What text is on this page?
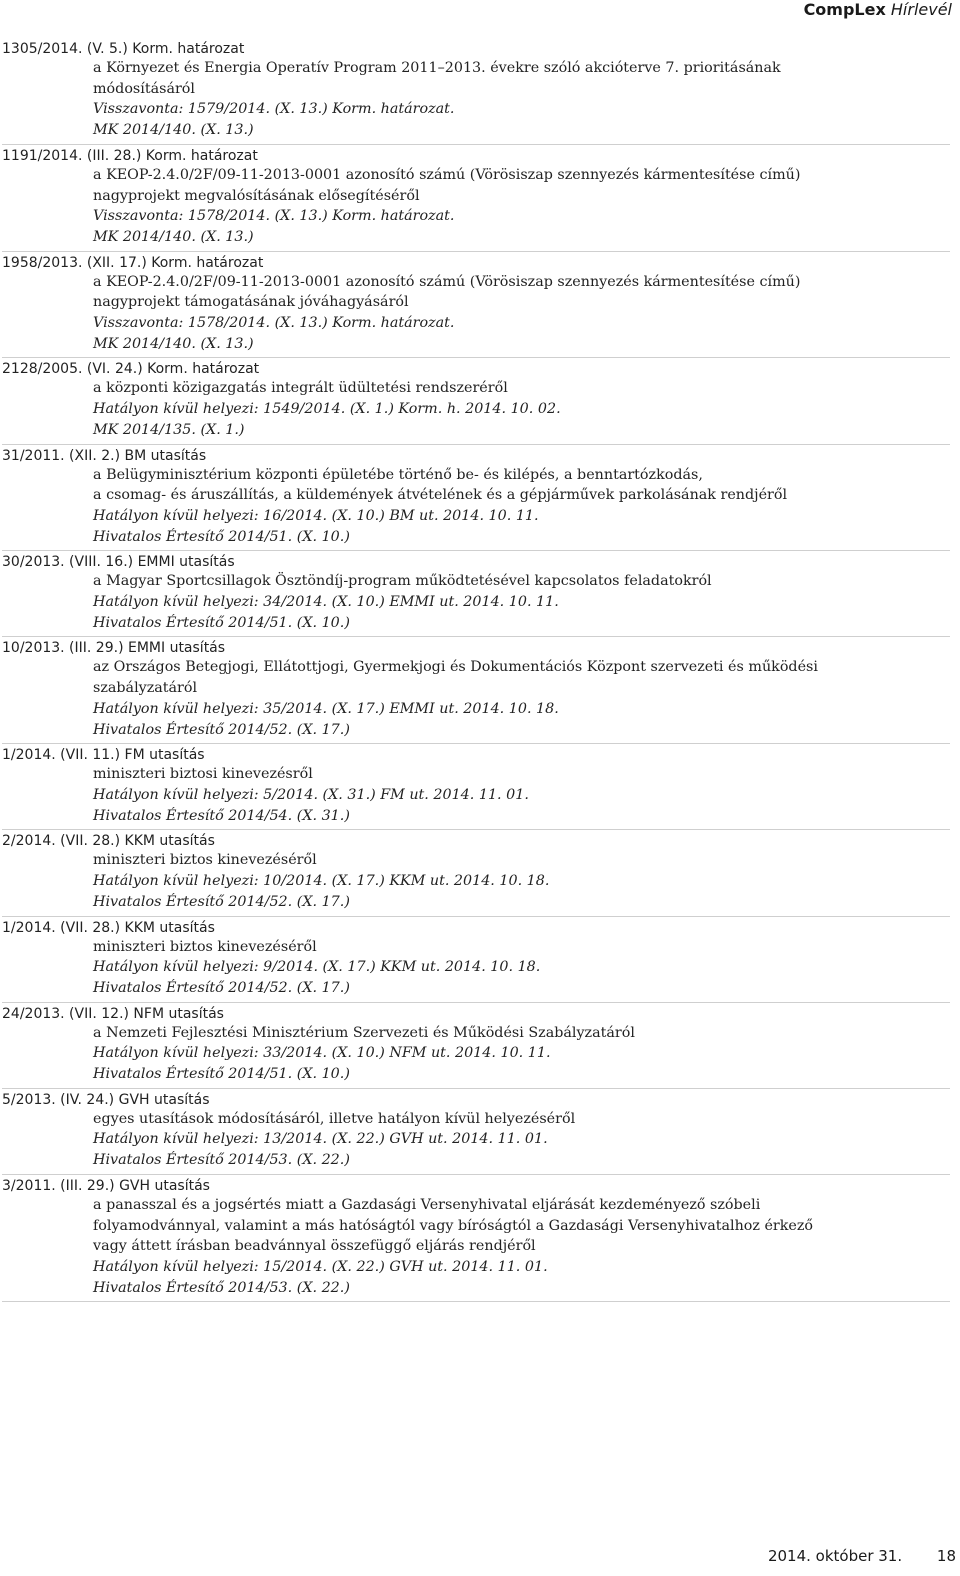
CompLex Hírlevél
1305/2014. (V. 5.) Korm. határozat
a Környezet és Energia Operatív Program 2011–2013. évekre szóló akcióterve 7. prioritásának
módosításáról
Visszavonta: 1579/2014. (X. 13.) Korm. határozat.
MK 2014/140. (X. 13.)
1191/2014. (III. 28.) Korm. határozat
a KEOP-2.4.0/2F/09-11-2013-0001 azonosító számú (Vörösiszap szennyezés kármentesítése című)
nagyprojekt megvalósításának elősegítéséről
Visszavonta: 1578/2014. (X. 13.) Korm. határozat.
MK 2014/140. (X. 13.)
1958/2013. (XII. 17.) Korm. határozat
a KEOP-2.4.0/2F/09-11-2013-0001 azonosító számú (Vörösiszap szennyezés kármentesítése című)
nagyprojekt támogatásának jóváhagyásáról
Visszavonta: 1578/2014. (X. 13.) Korm. határozat.
MK 2014/140. (X. 13.)
2128/2005. (VI. 24.) Korm. határozat
a központi közigazgatás integrált üdültetési rendszeréről
Hatályon kívül helyezi: 1549/2014. (X. 1.) Korm. h. 2014. 10. 02.
MK 2014/135. (X. 1.)
31/2011. (XII. 2.) BM utasítás
a Belügyminisztérium központi épületébe történő be- és kilépés, a benntartózkodás,
a csomag- és áruszállítás, a küldemények átvételének és a gépjárművek parkolásának rendjéről
Hatályon kívül helyezi: 16/2014. (X. 10.) BM ut. 2014. 10. 11.
Hivatalos Értesítő 2014/51. (X. 10.)
30/2013. (VIII. 16.) EMMI utasítás
a Magyar Sportcsillagok Ösztöndíj-program működtetésével kapcsolatos feladatokról
Hatályon kívül helyezi: 34/2014. (X. 10.) EMMI ut. 2014. 10. 11.
Hivatalos Értesítő 2014/51. (X. 10.)
10/2013. (III. 29.) EMMI utasítás
az Országos Betegjogi, Ellátottjogi, Gyermekjogi és Dokumentációs Központ szervezeti és működési
szabályzatáról
Hatályon kívül helyezi: 35/2014. (X. 17.) EMMI ut. 2014. 10. 18.
Hivatalos Értesítő 2014/52. (X. 17.)
1/2014. (VII. 11.) FM utasítás
miniszteri biztosi kinevezésről
Hatályon kívül helyezi: 5/2014. (X. 31.) FM ut. 2014. 11. 01.
Hivatalos Értesítő 2014/54. (X. 31.)
2/2014. (VII. 28.) KKM utasítás
miniszteri biztos kinevezéséről
Hatályon kívül helyezi: 10/2014. (X. 17.) KKM ut. 2014. 10. 18.
Hivatalos Értesítő 2014/52. (X. 17.)
1/2014. (VII. 28.) KKM utasítás
miniszteri biztos kinevezéséről
Hatályon kívül helyezi: 9/2014. (X. 17.) KKM ut. 2014. 10. 18.
Hivatalos Értesítő 2014/52. (X. 17.)
24/2013. (VII. 12.) NFM utasítás
a Nemzeti Fejlesztési Minisztérium Szervezeti és Működési Szabályzatáról
Hatályon kívül helyezi: 33/2014. (X. 10.) NFM ut. 2014. 10. 11.
Hivatalos Értesítő 2014/51. (X. 10.)
5/2013. (IV. 24.) GVH utasítás
egyes utasítások módosításáról, illetve hatályon kívül helyezéséről
Hatályon kívül helyezi: 13/2014. (X. 22.) GVH ut. 2014. 11. 01.
Hivatalos Értesítő 2014/53. (X. 22.)
3/2011. (III. 29.) GVH utasítás
a panasszal és a jogsértés miatt a Gazdasági Versenyhivatal eljárását kezdeményező szóbeli
folyamodvánnyal, valamint a más hatóságtól vagy bíróságtól a Gazdasági Versenyhivatalhoz érkező
vagy áttett írásban beadvánnyal összefüggő eljárás rendjéről
Hatályon kívül helyezi: 15/2014. (X. 22.) GVH ut. 2014. 11. 01.
Hivatalos Értesítő 2014/53. (X. 22.)
2014. október 31. 18
